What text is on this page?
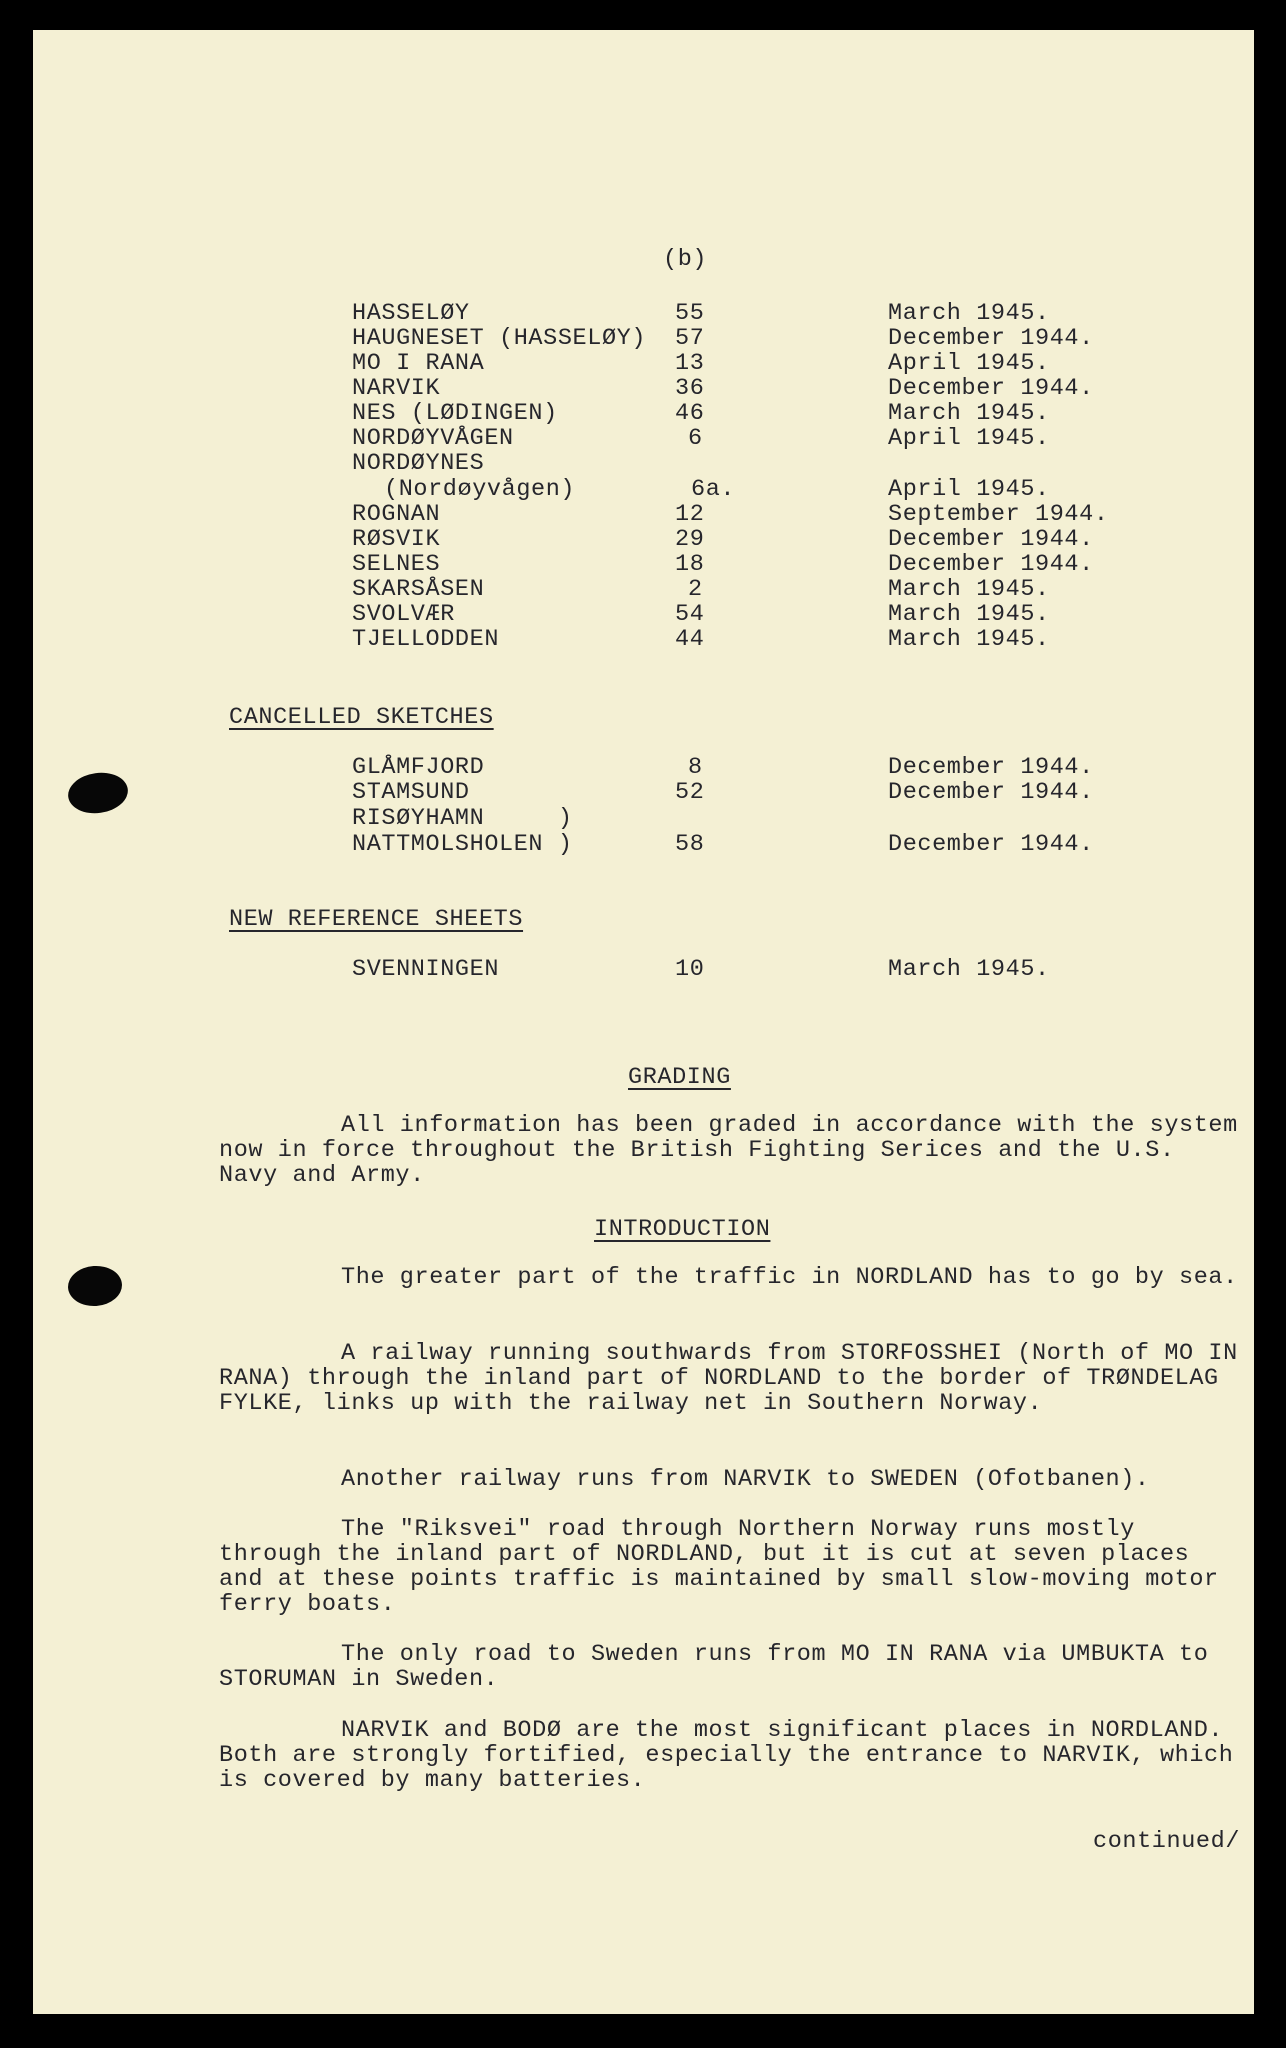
(b)
HASSELØY	55	March 1945.
HAUGNESET (HASSELØY) 57	December 1944.
MO I RANA	13	April 1945.
NARVIK	36	December 1944.
NES (LØDINGEN)	46	March 1945.
NORDØYVÅGEN	6	April 1945.
NORDØYNES
(Nordøyvågen)	6a.	April 1945.
ROGNAN	12	September 1944.
RØSVIK	29	December 1944.
SELNES	18	December 1944.
SKARSÅSEN	2	March 1945.
SVOLVÆR	54	March 1945.
TJELLODDEN	44	March 1945.
CANCELLED SKETCHES
GLÅMFJORD	8	December 1944.
STAMSUND	52	December 1944.
RISØYHAMN     )
NATTMOLSHOLEN )	58	December 1944.
NEW REFERENCE SHEETS
SVENNINGEN	10	March 1945.
GRADING
All information has been graded in accordance with the system now in force throughout the British Fighting Serices and the U.S. Navy and Army.
INTRODUCTION
The greater part of the traffic in NORDLAND has to go by sea.
A railway running southwards from STORFOSSHEI (North of MO IN RANA) through the inland part of NORDLAND to the border of TRØNDELAG FYLKE, links up with the railway net in Southern Norway.
Another railway runs from NARVIK to SWEDEN (Ofotbanen).
The "Riksvei" road through Northern Norway runs mostly through the inland part of NORDLAND, but it is cut at seven places and at these points traffic is maintained by small slow-moving motor ferry boats.
The only road to Sweden runs from MO IN RANA via UMBUKTA to STORUMAN in Sweden.
NARVIK and BODØ are the most significant places in NORDLAND. Both are strongly fortified, especially the entrance to NARVIK, which is covered by many batteries.
continued/
